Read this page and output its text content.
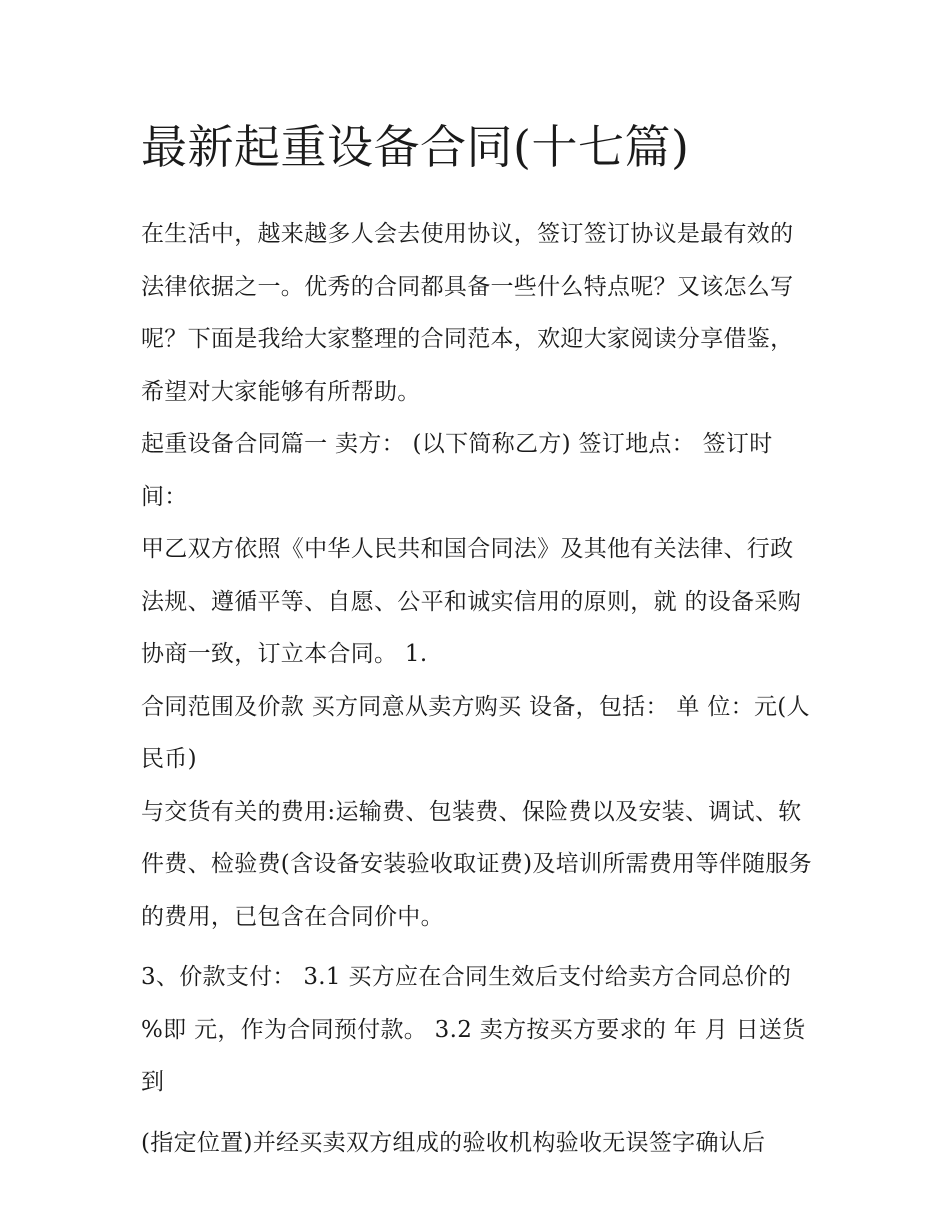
最新起重设备合同(十七篇)

在生活中，越来越多人会去使用协议，签订签订协议是最有效的法律依据之一。优秀的合同都具备一些什么特点呢？又该怎么写呢？下面是我给大家整理的合同范本，欢迎大家阅读分享借鉴，希望对大家能够有所帮助。

起重设备合同篇一 卖方： (以下简称乙方) 签订地点： 签订时间：

甲乙双方依照《中华人民共和国合同法》及其他有关法律、行政法规、遵循平等、自愿、公平和诚实信用的原则，就 的设备采购协商一致，订立本合同。 1.

合同范围及价款 买方同意从卖方购买 设备，包括： 单 位：元(人民币)

与交货有关的费用:运输费、包装费、保险费以及安装、调试、软件费、检验费(含设备安装验收取证费)及培训所需费用等伴随服务的费用，已包含在合同价中。

3、价款支付： 3.1 买方应在合同生效后支付给卖方合同总价的 %即 元，作为合同预付款。 3.2 卖方按买方要求的 年 月 日送货到

(指定位置)并经买卖双方组成的验收机构验收无误签字确认后
